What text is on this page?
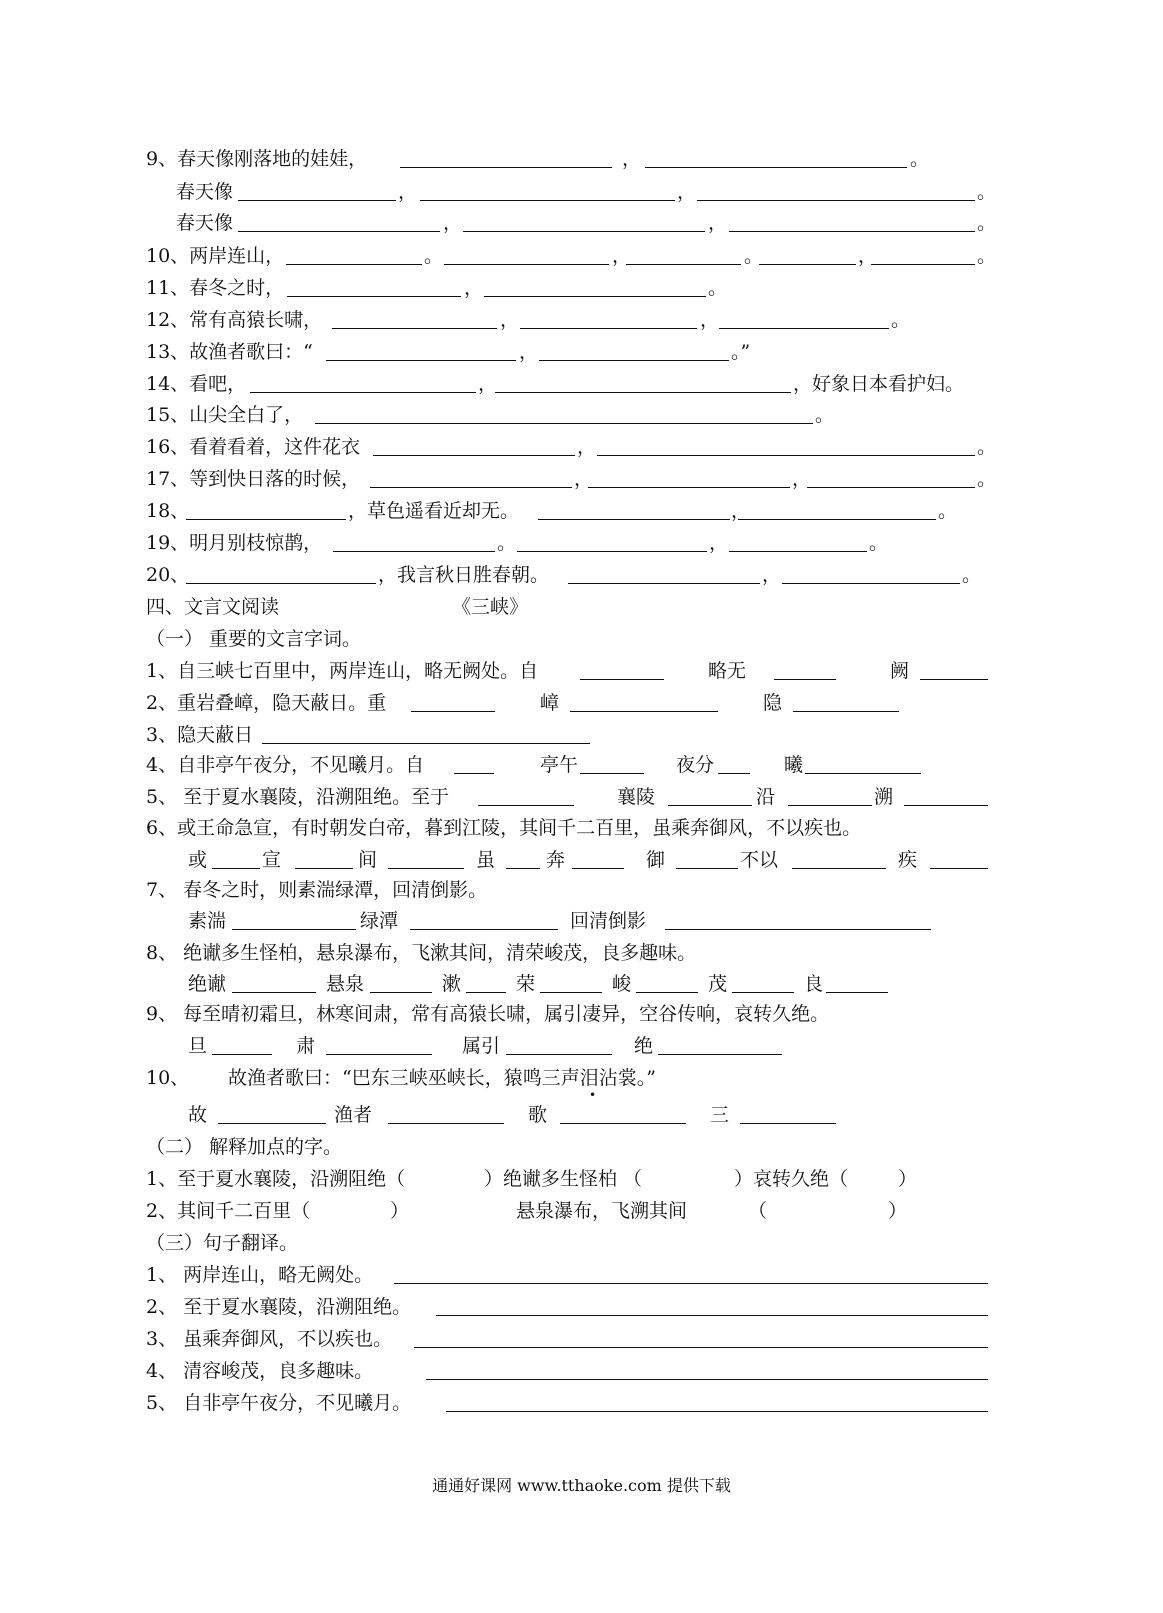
9、春天像刚落地的娃娃，	，	。
春天像	，	，	。
春天像	，	，	。
10、两岸连山，	。	，	。	，	。
11、春冬之时，	，	。
12、常有高猿长啸，	，	，	。
13、故渔者歌曰：“	，	。”
14、看吧，	，	，好象日本看护妇。
15、山尖全白了，	。
16、看着看着，这件花衣	，	。
17、等到快日落的时候，	，	，	。
18、	，草色遥看近却无。	，	。
19、明月别枝惊鹊，	。	，	。
20、	，我言秋日胜春朝。	，	。
四、文言文阅读	《三峡》
（一） 重要的文言字词。
1、自三峡七百里中，两岸连山，略无阙处。自	略无	阙
2、重岩叠嶂，隐天蔽日。重	嶂	隐
3、隐天蔽日
4、自非亭午夜分，不见曦月。自	亭午	夜分	曦
5、 至于夏水襄陵，沿溯阻绝。至于	襄陵	沿	溯
6、或王命急宣，有时朝发白帝，暮到江陵，其间千二百里，虽乘奔御风，不以疾也。
或	宣	间	虽	奔	御	不以	疾
7、 春冬之时，则素湍绿潭，回清倒影。
素湍	绿潭	回清倒影
8、 绝谳多生怪柏，悬泉瀑布，飞漱其间，清荣峻茂，良多趣味。
绝谳	悬泉	漱	荣	峻	茂	良
9、 每至晴初霜旦，林寒间肃，常有高猿长啸，属引凄异，空谷传响，哀转久绝。
旦	肃	属引	绝
10、 故渔者歌曰：“巴东三峡巫峡长，猿鸣三声泪沾裳。”
•
故	渔者	歌	三
（二） 解释加点的字。
1、至于夏水襄陵，沿溯阻绝（	）绝谳多生怪柏 （	）哀转久绝（	）
2、其间千二百里（	）	悬泉瀑布，飞溯其间	（	）
（三）句子翻译。
1、 两岸连山，略无阙处。
2、 至于夏水襄陵，沿溯阻绝。
3、 虽乘奔御风，不以疾也。
4、 清容峻茂，良多趣味。
5、 自非亭午夜分，不见曦月。
通通好课网 www.tthaoke.com 提供下载
